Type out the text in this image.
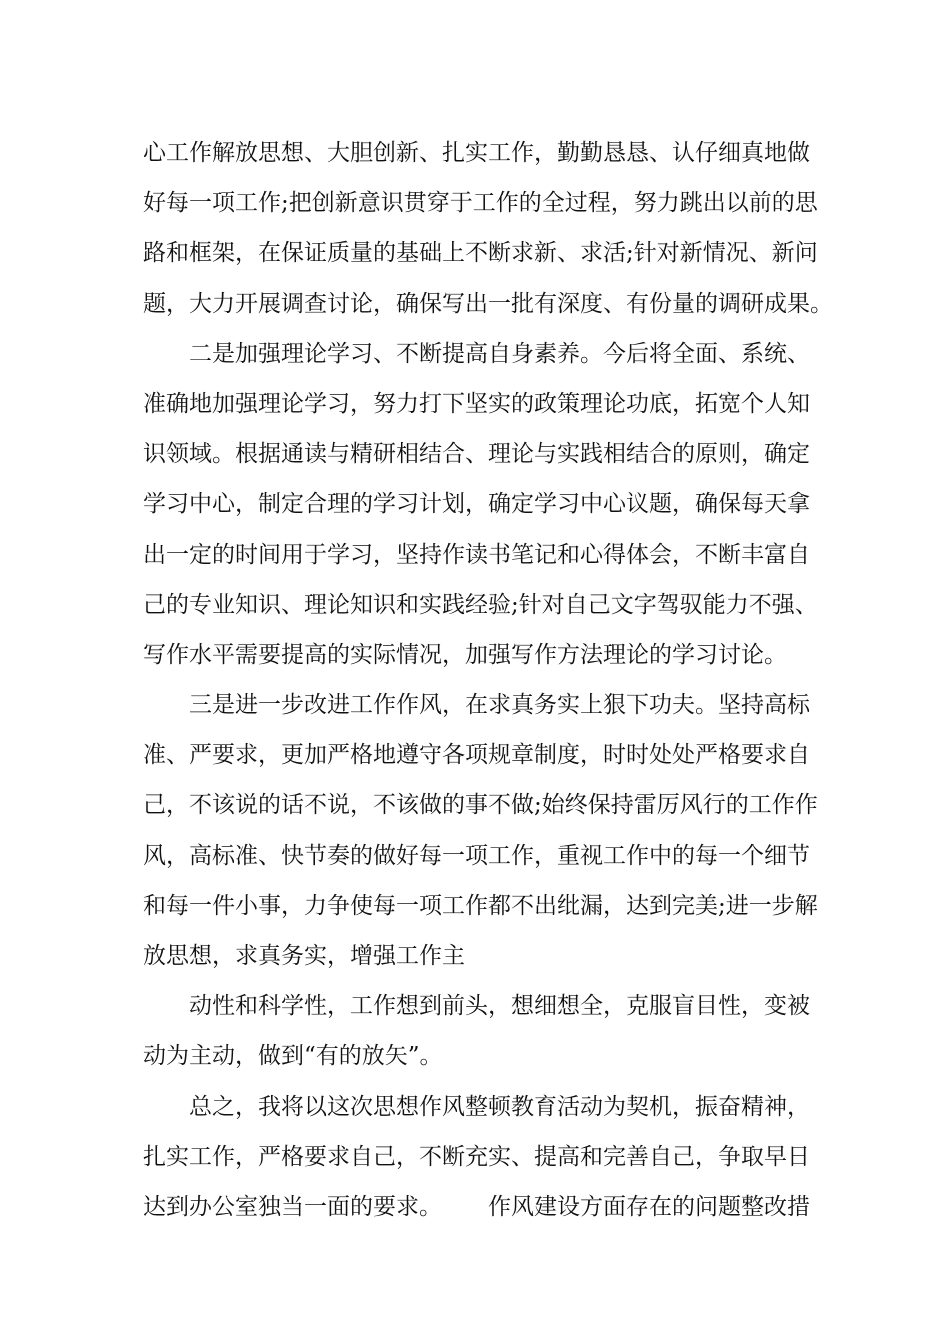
心工作解放思想、大胆创新、扎实工作，勤勤恳恳、认仔细真地做
好每一项工作;把创新意识贯穿于工作的全过程，努力跳出以前的思
路和框架，在保证质量的基础上不断求新、求活;针对新情况、新问
题，大力开展调查讨论，确保写出一批有深度、有份量的调研成果。
二是加强理论学习、不断提高自身素养。今后将全面、系统、
准确地加强理论学习，努力打下坚实的政策理论功底，拓宽个人知
识领域。根据通读与精研相结合、理论与实践相结合的原则，确定
学习中心，制定合理的学习计划，确定学习中心议题，确保每天拿
出一定的时间用于学习，坚持作读书笔记和心得体会，不断丰富自
己的专业知识、理论知识和实践经验;针对自己文字驾驭能力不强、
写作水平需要提高的实际情况，加强写作方法理论的学习讨论。
三是进一步改进工作作风，在求真务实上狠下功夫。坚持高标
准、严要求，更加严格地遵守各项规章制度，时时处处严格要求自
己，不该说的话不说，不该做的事不做;始终保持雷厉风行的工作作
风，高标准、快节奏的做好每一项工作，重视工作中的每一个细节
和每一件小事，力争使每一项工作都不出纰漏，达到完美;进一步解
放思想，求真务实，增强工作主
动性和科学性，工作想到前头，想细想全，克服盲目性，变被
动为主动，做到“有的放矢”。
总之，我将以这次思想作风整顿教育活动为契机，振奋精神，
扎实工作，严格要求自己，不断充实、提高和完善自己，争取早日
达到办公室独当一面的要求。 作风建设方面存在的问题整改措
